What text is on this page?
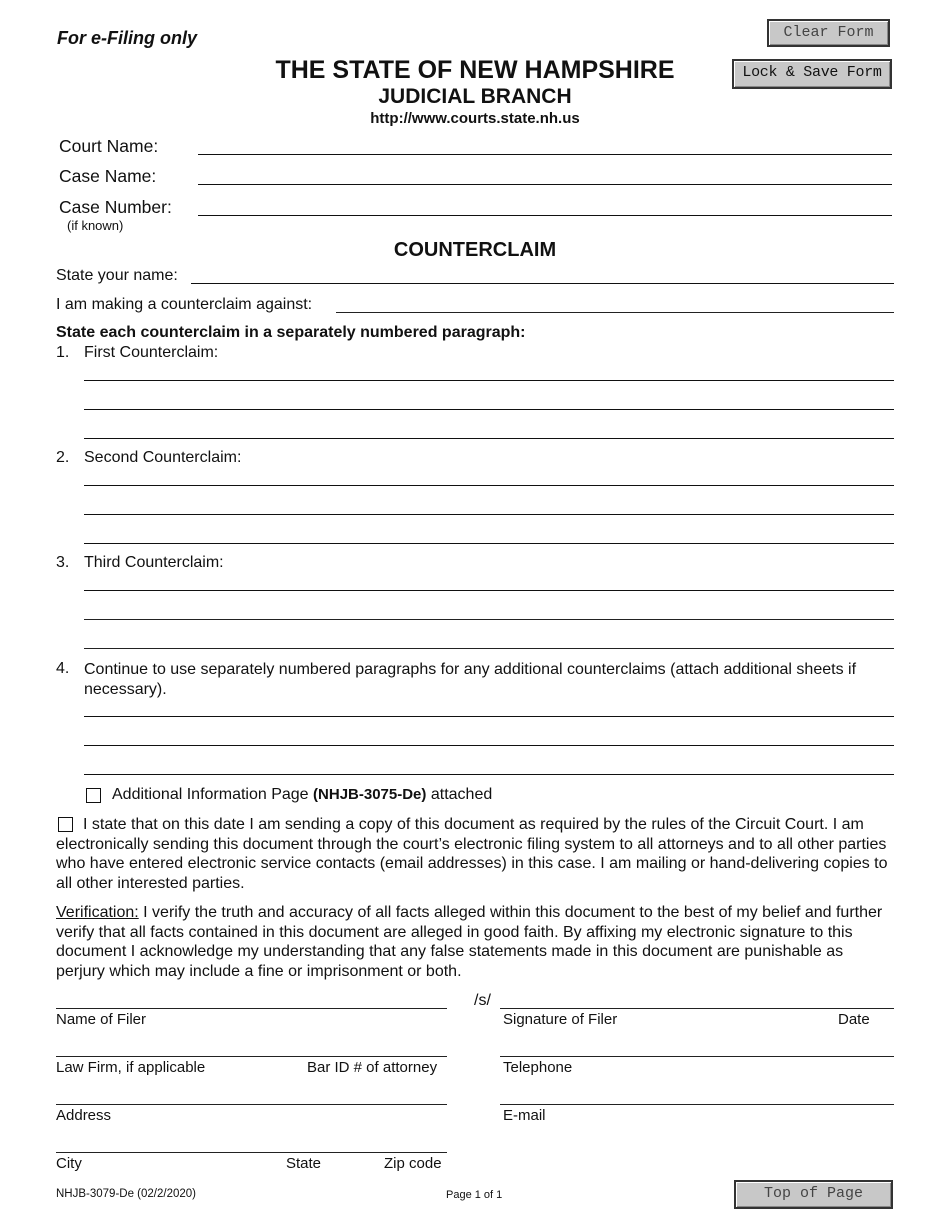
For e-Filing only	Clear Form
Lock & Save Form
THE STATE OF NEW HAMPSHIRE
JUDICIAL BRANCH
http://www.courts.state.nh.us
Court Name:
Case Name:
Case Number:
(if known)
COUNTERCLAIM
State your name:
I am making a counterclaim against:
State each counterclaim in a separately numbered paragraph:
1. First Counterclaim:
2. Second Counterclaim:
3. Third Counterclaim:
4. Continue to use separately numbered paragraphs for any additional counterclaims (attach additional sheets if necessary).
Additional Information Page (NHJB-3075-De) attached
I state that on this date I am sending a copy of this document as required by the rules of the Circuit Court. I am electronically sending this document through the court’s electronic filing system to all attorneys and to all other parties who have entered electronic service contacts (email addresses) in this case. I am mailing or hand-delivering copies to all other interested parties.
Verification: I verify the truth and accuracy of all facts alleged within this document to the best of my belief and further verify that all facts contained in this document are alleged in good faith. By affixing my electronic signature to this document I acknowledge my understanding that any false statements made in this document are punishable as perjury which may include a fine or imprisonment or both.
/s/
Name of Filer	Signature of Filer	Date
Law Firm, if applicable	Bar ID # of attorney	Telephone
Address	E-mail
City	State	Zip code
NHJB-3079-De (02/2/2020)	Page 1 of 1	Top of Page
